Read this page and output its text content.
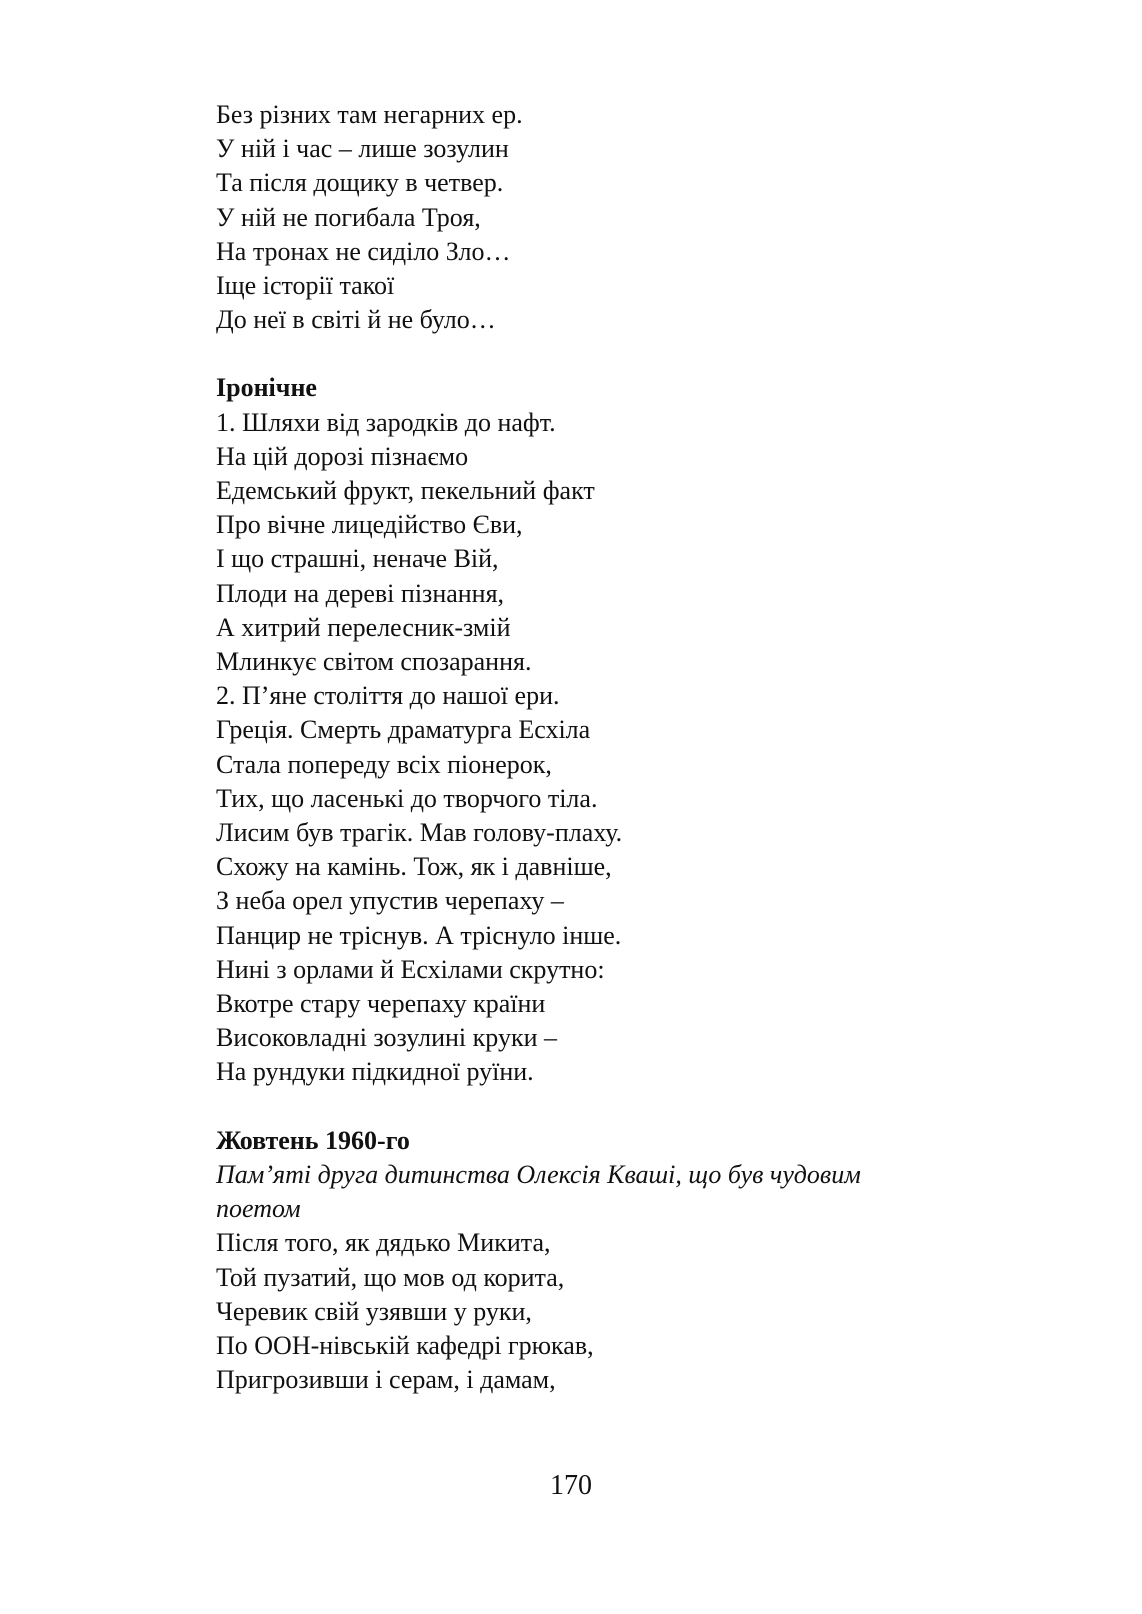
Без різних там негарних ер.
У ній і час – лише зозулин
Та після дощику в четвер.
У ній не погибала Троя,
На тронах не сиділо Зло…
Іще історії такої
До неї в світі й не було…
Іронічне
1. Шляхи від зародків до нафт.
На цій дорозі пізнаємо
Едемський фрукт, пекельний факт
Про вічне лицедійство Єви,
І що страшні, неначе Вій,
Плоди на дереві пізнання,
А хитрий перелесник-змій
Млинкує світом спозарання.
2. П’яне століття до нашої ери.
Греція. Смерть драматурга Есхіла
Стала попереду всіх піонерок,
Тих, що ласенькі до творчого тіла.
Лисим був трагік. Мав голову-плаху.
Схожу на камінь. Тож, як і давніше,
З неба орел упустив черепаху –
Панцир не тріснув. А тріснуло інше.
Нині з орлами й Есхілами скрутно:
Вкотре стару черепаху країни
Високовладні зозулині круки –
На рундуки підкидної руїни.
Жовтень 1960-го
Пам’яті друга дитинства Олексія Кваші, що був чудовим
поетом
Після того, як дядько Микита,
Той пузатий, що мов од корита,
Черевик свій узявши у руки,
По ООН-нівській кафедрі грюкав,
Пригрозивши і серам, і дамам,
170
